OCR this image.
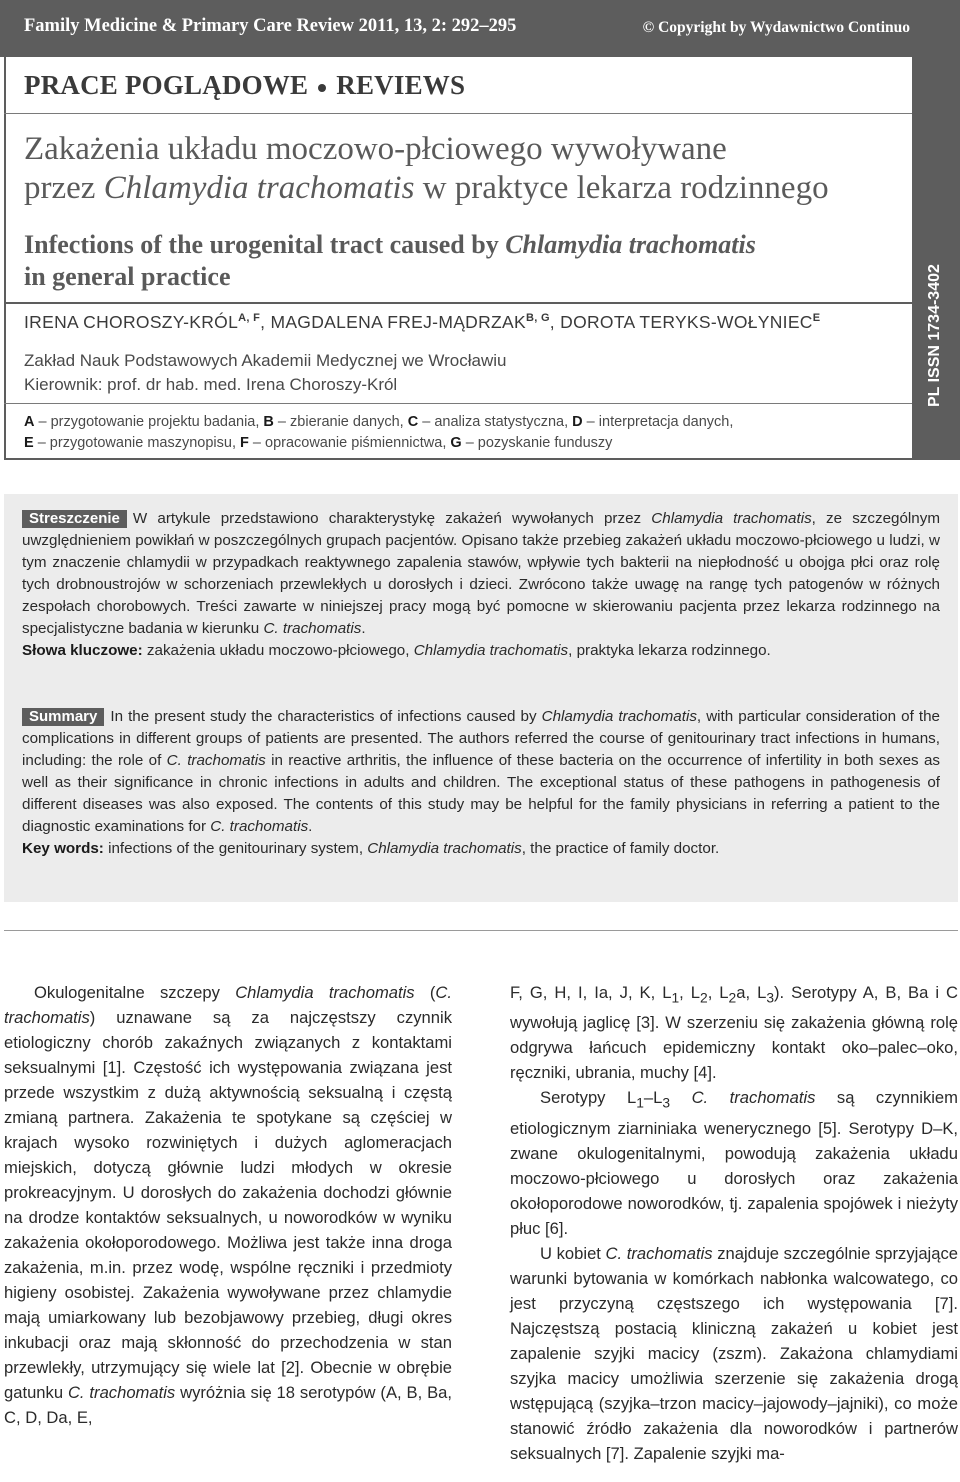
Family Medicine & Primary Care Review 2011, 13, 2: 292–295	© Copyright by Wydawnictwo Continuo
PL ISSN 1734-3402
PRACE POGLĄDOWE REVIEWS
Zakażenia układu moczowo-płciowego wywoływane
przez Chlamydia trachomatis w praktyce lekarza rodzinnego
Infections of the urogenital tract caused by Chlamydia trachomatis
in general practice
IRENA CHOROSZY-$KRÓL^{A, F}$, MAGDALENA FREJ-$MĄDRZAK^{B, G}$, DOROTA TERYKS-$WOŁYNIEC^E$
Zakład Nauk Podstawowych Akademii Medycznej we Wrocławiu
Kierownik: prof. dr hab. med. Irena Choroszy-Król
A – przygotowanie projektu badania, B – zbieranie danych, C – analiza statystyczna, D – interpretacja danych,
E – przygotowanie maszynopisu, F – opracowanie piśmiennictwa, G – pozyskanie funduszy
Streszczenie W artykule przedstawiono charakterystykę zakażeń wywołanych przez Chlamydia trachomatis, ze szczególnym uwzględnieniem powikłań w poszczególnych grupach pacjentów. Opisano także przebieg zakażeń układu moczowo-płciowego u ludzi, w tym znaczenie chlamydii w przypadkach reaktywnego zapalenia stawów, wpływie tych bakterii na niepłodność u obojga płci oraz rolę tych drobnoustrojów w schorzeniach przewlekłych u dorosłych i dzieci. Zwrócono także uwagę na rangę tych patogenów w różnych zespołach chorobowych. Treści zawarte w niniejszej pracy mogą być pomocne w skierowaniu pacjenta przez lekarza rodzinnego na specjalistyczne badania w kierunku C. trachomatis.
Słowa kluczowe: zakażenia układu moczowo-płciowego, Chlamydia trachomatis, praktyka lekarza rodzinnego.
Summary In the present study the characteristics of infections caused by Chlamydia trachomatis, with particular consideration of the complications in different groups of patients are presented. The authors referred the course of genitourinary tract infections in humans, including: the role of C. trachomatis in reactive arthritis, the influence of these bacteria on the occurrence of infertility in both sexes as well as their significance in chronic infections in adults and children. The exceptional status of these pathogens in pathogenesis of different diseases was also exposed. The contents of this study may be helpful for the family physicians in referring a patient to the diagnostic examinations for C. trachomatis.
Key words: infections of the genitourinary system, Chlamydia trachomatis, the practice of family doctor.

Okulogenitalne szczepy Chlamydia trachomatis (C. trachomatis) uznawane są za najczęstszy czynnik etiologiczny chorób zakaźnych związanych z kontaktami seksualnymi [1]. Częstość ich występowania związana jest przede wszystkim z dużą aktywnością seksualną i częstą zmianą partnera. Zakażenia te spotykane są częściej w krajach wysoko rozwiniętych i dużych aglomeracjach miejskich, dotyczą głównie ludzi młodych w okresie prokreacyjnym. U dorosłych do zakażenia dochodzi głównie na drodze kontaktów seksualnych, u noworodków w wyniku zakażenia okołoporodowego. Możliwa jest także inna droga zakażenia, m.in. przez wodę, wspólne ręczniki i przedmioty higieny osobistej. Zakażenia wywoływane przez chlamydie mają umiarkowany lub bezobjawowy przebieg, długi okres inkubacji oraz mają skłonność do przechodzenia w stan przewlekły, utrzymujący się wiele lat [2]. Obecnie w obrębie gatunku C. trachomatis wyróżnia się 18 serotypów (A, B, Ba, C, D, Da, E,

F, G, H, I, Ia, J, K, $L_1$, $L_2$, $L_2a$, $L_3$). Serotypy A, B, Ba i C wywołują jaglicę [3]. W szerzeniu się zakażenia główną rolę odgrywa łańcuch epidemiczny kontakt oko–palec–oko, ręczniki, ubrania, muchy [4].

Serotypy $L_1-L_3$ C. trachomatis są czynnikiem etiologicznym ziarniniaka wenerycznego [5]. Serotypy D–K, zwane okulogenitalnymi, powodują zakażenia układu moczowo-płciowego u dorosłych oraz zakażenia okołoporodowe noworodków, tj. zapalenia spojówek i nieżyty płuc [6].

U kobiet C. trachomatis znajduje szczególnie sprzyjające warunki bytowania w komórkach nabłonka walcowatego, co jest przyczyną częstszego ich występowania [7]. Najczęstszą postacią kliniczną zakażeń u kobiet jest zapalenie szyjki macicy (zszm). Zakażona chlamydiami szyjka macicy umożliwia szerzenie się zakażenia drogą wstępującą (szyjka–trzon macicy–jajowody–jajniki), co może stanowić źródło zakażenia dla noworodków i partnerów seksualnych [7]. Zapalenie szyjki ma-
